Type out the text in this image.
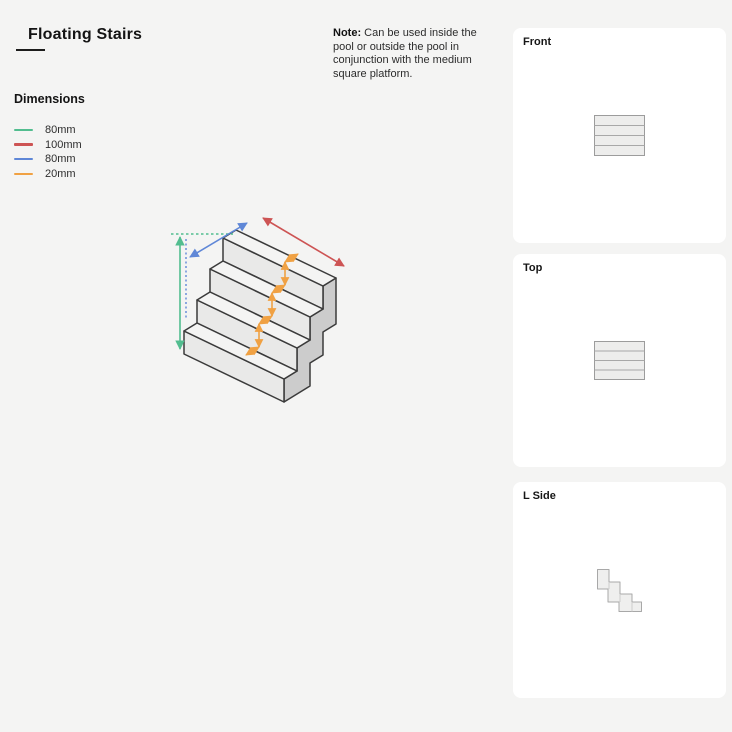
Floating Stairs	Note: Can be used inside the pool or outside the pool in conjunction with the medium square platform.
Dimensions
80mm
100mm
80mm
20mm
Front
Top
L Side
